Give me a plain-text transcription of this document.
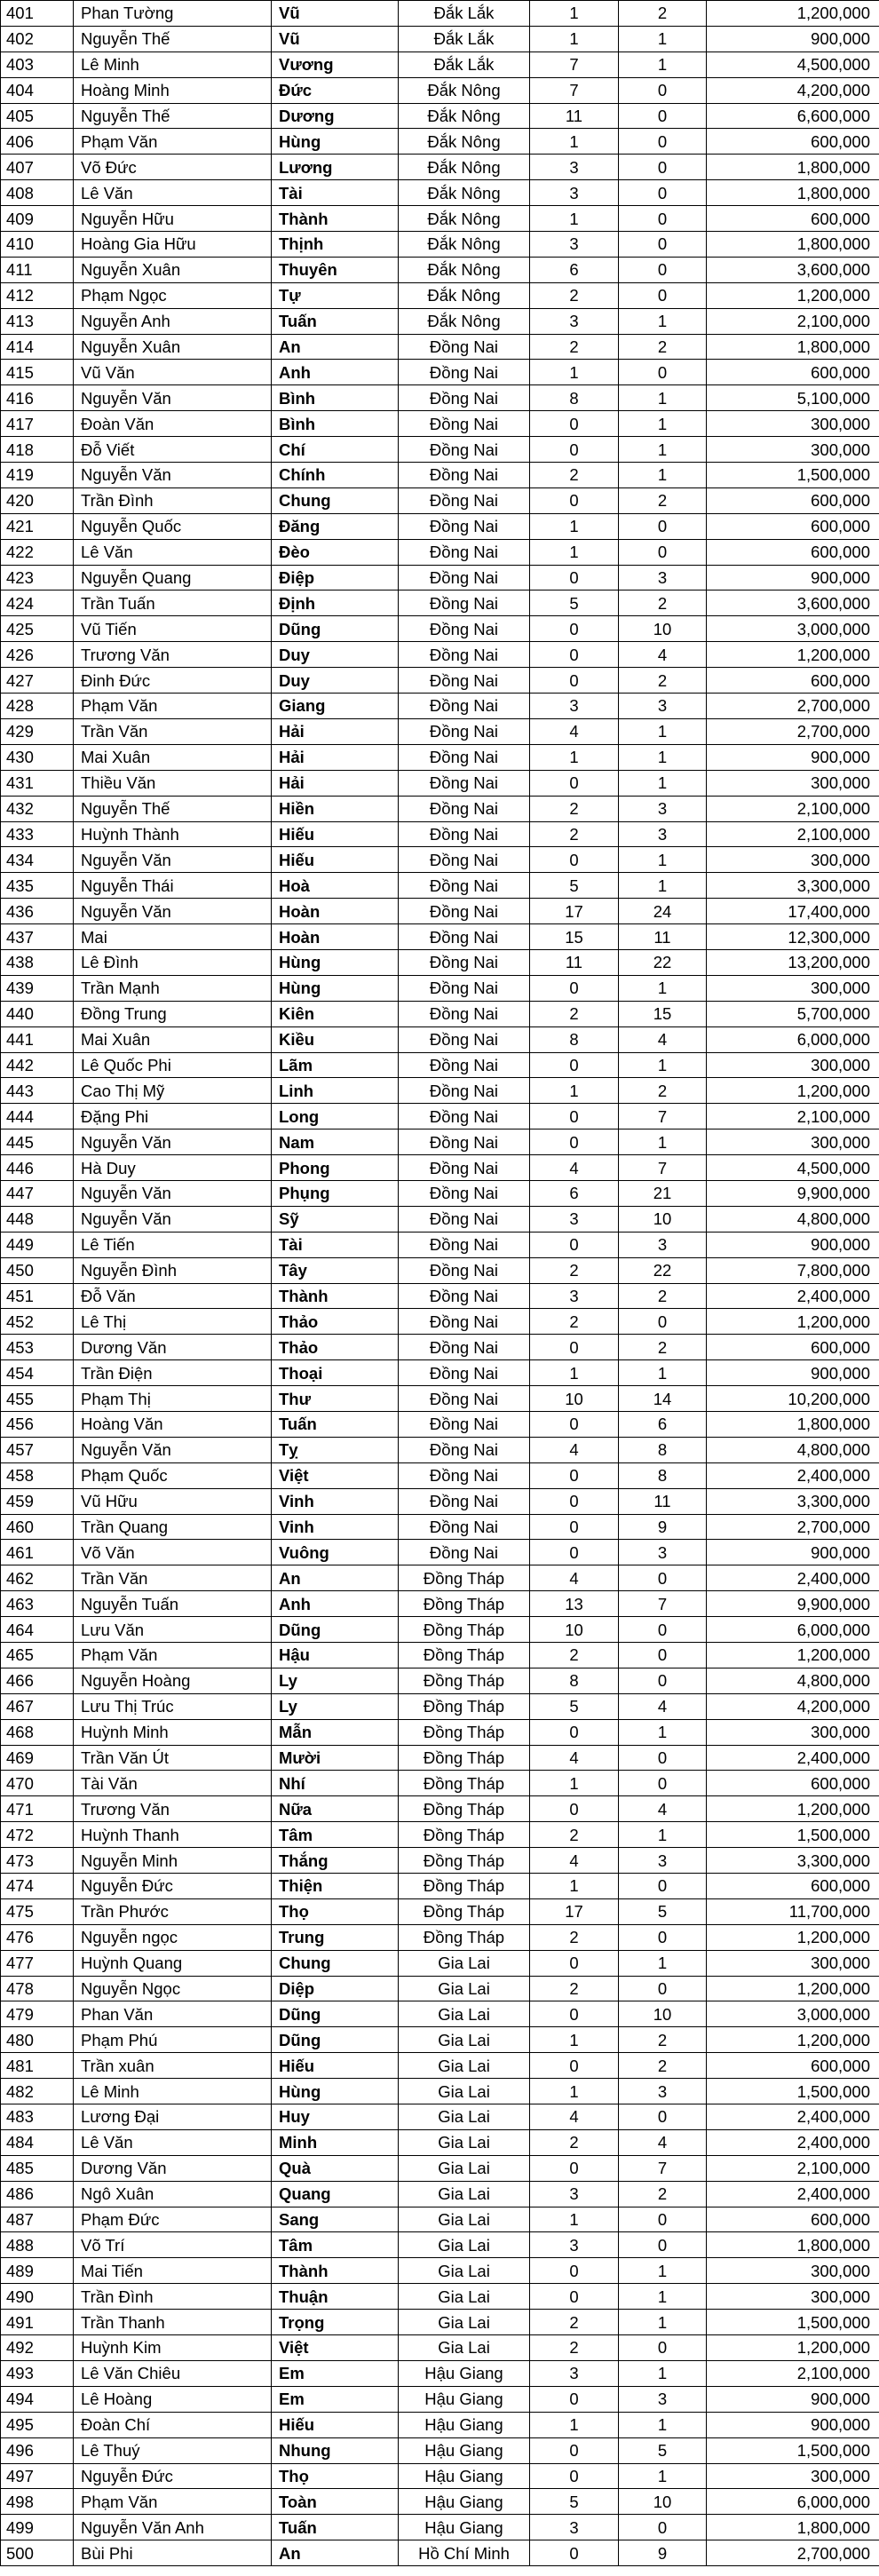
401	Phan Tường	Vũ	Đắk Lắk	1	2	1,200,000
402	Nguyễn Thế	Vũ	Đắk Lắk	1	1	900,000
403	Lê Minh	Vương	Đắk Lắk	7	1	4,500,000
404	Hoàng Minh	Đức	Đắk Nông	7	0	4,200,000
405	Nguyễn Thế	Dương	Đắk Nông	11	0	6,600,000
406	Phạm Văn	Hùng	Đắk Nông	1	0	600,000
407	Võ Đức	Lương	Đắk Nông	3	0	1,800,000
408	Lê Văn	Tài	Đắk Nông	3	0	1,800,000
409	Nguyễn Hữu	Thành	Đắk Nông	1	0	600,000
410	Hoàng Gia Hữu	Thịnh	Đắk Nông	3	0	1,800,000
411	Nguyễn Xuân	Thuyên	Đắk Nông	6	0	3,600,000
412	Phạm Ngọc	Tự	Đắk Nông	2	0	1,200,000
413	Nguyễn Anh	Tuấn	Đắk Nông	3	1	2,100,000
414	Nguyễn Xuân	An	Đồng Nai	2	2	1,800,000
415	Vũ Văn	Anh	Đồng Nai	1	0	600,000
416	Nguyễn Văn	Bình	Đồng Nai	8	1	5,100,000
417	Đoàn Văn	Bình	Đồng Nai	0	1	300,000
418	Đỗ Viết	Chí	Đồng Nai	0	1	300,000
419	Nguyễn Văn	Chính	Đồng Nai	2	1	1,500,000
420	Trần Đình	Chung	Đồng Nai	0	2	600,000
421	Nguyễn Quốc	Đăng	Đồng Nai	1	0	600,000
422	Lê Văn	Đèo	Đồng Nai	1	0	600,000
423	Nguyễn Quang	Điệp	Đồng Nai	0	3	900,000
424	Trần Tuấn	Định	Đồng Nai	5	2	3,600,000
425	Vũ Tiến	Dũng	Đồng Nai	0	10	3,000,000
426	Trương Văn	Duy	Đồng Nai	0	4	1,200,000
427	Đinh Đức	Duy	Đồng Nai	0	2	600,000
428	Phạm Văn	Giang	Đồng Nai	3	3	2,700,000
429	Trần Văn	Hải	Đồng Nai	4	1	2,700,000
430	Mai Xuân	Hải	Đồng Nai	1	1	900,000
431	Thiều Văn	Hải	Đồng Nai	0	1	300,000
432	Nguyễn Thế	Hiền	Đồng Nai	2	3	2,100,000
433	Huỳnh Thành	Hiếu	Đồng Nai	2	3	2,100,000
434	Nguyễn Văn	Hiếu	Đồng Nai	0	1	300,000
435	Nguyễn Thái	Hoà	Đồng Nai	5	1	3,300,000
436	Nguyễn Văn	Hoàn	Đồng Nai	17	24	17,400,000
437	Mai	Hoàn	Đồng Nai	15	11	12,300,000
438	Lê Đình	Hùng	Đồng Nai	11	22	13,200,000
439	Trần Mạnh	Hùng	Đồng Nai	0	1	300,000
440	Đồng Trung	Kiên	Đồng Nai	2	15	5,700,000
441	Mai Xuân	Kiều	Đồng Nai	8	4	6,000,000
442	Lê Quốc Phi	Lãm	Đồng Nai	0	1	300,000
443	Cao Thị Mỹ	Linh	Đồng Nai	1	2	1,200,000
444	Đặng Phi	Long	Đồng Nai	0	7	2,100,000
445	Nguyễn Văn	Nam	Đồng Nai	0	1	300,000
446	Hà Duy	Phong	Đồng Nai	4	7	4,500,000
447	Nguyễn Văn	Phụng	Đồng Nai	6	21	9,900,000
448	Nguyễn Văn	Sỹ	Đồng Nai	3	10	4,800,000
449	Lê Tiến	Tài	Đồng Nai	0	3	900,000
450	Nguyễn Đình	Tây	Đồng Nai	2	22	7,800,000
451	Đỗ Văn	Thành	Đồng Nai	3	2	2,400,000
452	Lê Thị	Thảo	Đồng Nai	2	0	1,200,000
453	Dương Văn	Thảo	Đồng Nai	0	2	600,000
454	Trần Điện	Thoại	Đồng Nai	1	1	900,000
455	Phạm Thị	Thư	Đồng Nai	10	14	10,200,000
456	Hoàng Văn	Tuấn	Đồng Nai	0	6	1,800,000
457	Nguyễn Văn	Tỵ	Đồng Nai	4	8	4,800,000
458	Phạm Quốc	Việt	Đồng Nai	0	8	2,400,000
459	Vũ Hữu	Vinh	Đồng Nai	0	11	3,300,000
460	Trần Quang	Vinh	Đồng Nai	0	9	2,700,000
461	Võ Văn	Vuông	Đồng Nai	0	3	900,000
462	Trần Văn	An	Đồng Tháp	4	0	2,400,000
463	Nguyễn Tuấn	Anh	Đồng Tháp	13	7	9,900,000
464	Lưu Văn	Dũng	Đồng Tháp	10	0	6,000,000
465	Phạm Văn	Hậu	Đồng Tháp	2	0	1,200,000
466	Nguyễn Hoàng	Ly	Đồng Tháp	8	0	4,800,000
467	Lưu Thị Trúc	Ly	Đồng Tháp	5	4	4,200,000
468	Huỳnh Minh	Mẫn	Đồng Tháp	0	1	300,000
469	Trần Văn Út	Mười	Đồng Tháp	4	0	2,400,000
470	Tài Văn	Nhí	Đồng Tháp	1	0	600,000
471	Trương Văn	Nữa	Đồng Tháp	0	4	1,200,000
472	Huỳnh Thanh	Tâm	Đồng Tháp	2	1	1,500,000
473	Nguyễn Minh	Thắng	Đồng Tháp	4	3	3,300,000
474	Nguyễn Đức	Thiện	Đồng Tháp	1	0	600,000
475	Trần Phước	Thọ	Đồng Tháp	17	5	11,700,000
476	Nguyễn ngọc	Trung	Đồng Tháp	2	0	1,200,000
477	Huỳnh Quang	Chung	Gia Lai	0	1	300,000
478	Nguyễn Ngọc	Diệp	Gia Lai	2	0	1,200,000
479	Phan Văn	Dũng	Gia Lai	0	10	3,000,000
480	Phạm Phú	Dũng	Gia Lai	1	2	1,200,000
481	Trần xuân	Hiếu	Gia Lai	0	2	600,000
482	Lê Minh	Hùng	Gia Lai	1	3	1,500,000
483	Lương Đại	Huy	Gia Lai	4	0	2,400,000
484	Lê Văn	Minh	Gia Lai	2	4	2,400,000
485	Dương Văn	Quà	Gia Lai	0	7	2,100,000
486	Ngô Xuân	Quang	Gia Lai	3	2	2,400,000
487	Phạm Đức	Sang	Gia Lai	1	0	600,000
488	Võ Trí	Tâm	Gia Lai	3	0	1,800,000
489	Mai Tiến	Thành	Gia Lai	0	1	300,000
490	Trần Đình	Thuận	Gia Lai	0	1	300,000
491	Trần Thanh	Trọng	Gia Lai	2	1	1,500,000
492	Huỳnh Kim	Việt	Gia Lai	2	0	1,200,000
493	Lê Văn Chiêu	Em	Hậu Giang	3	1	2,100,000
494	Lê Hoàng	Em	Hậu Giang	0	3	900,000
495	Đoàn Chí	Hiếu	Hậu Giang	1	1	900,000
496	Lê Thuý	Nhung	Hậu Giang	0	5	1,500,000
497	Nguyễn Đức	Thọ	Hậu Giang	0	1	300,000
498	Phạm Văn	Toàn	Hậu Giang	5	10	6,000,000
499	Nguyễn Văn Anh	Tuấn	Hậu Giang	3	0	1,800,000
500	Bùi Phi	An	Hồ Chí Minh	0	9	2,700,000
